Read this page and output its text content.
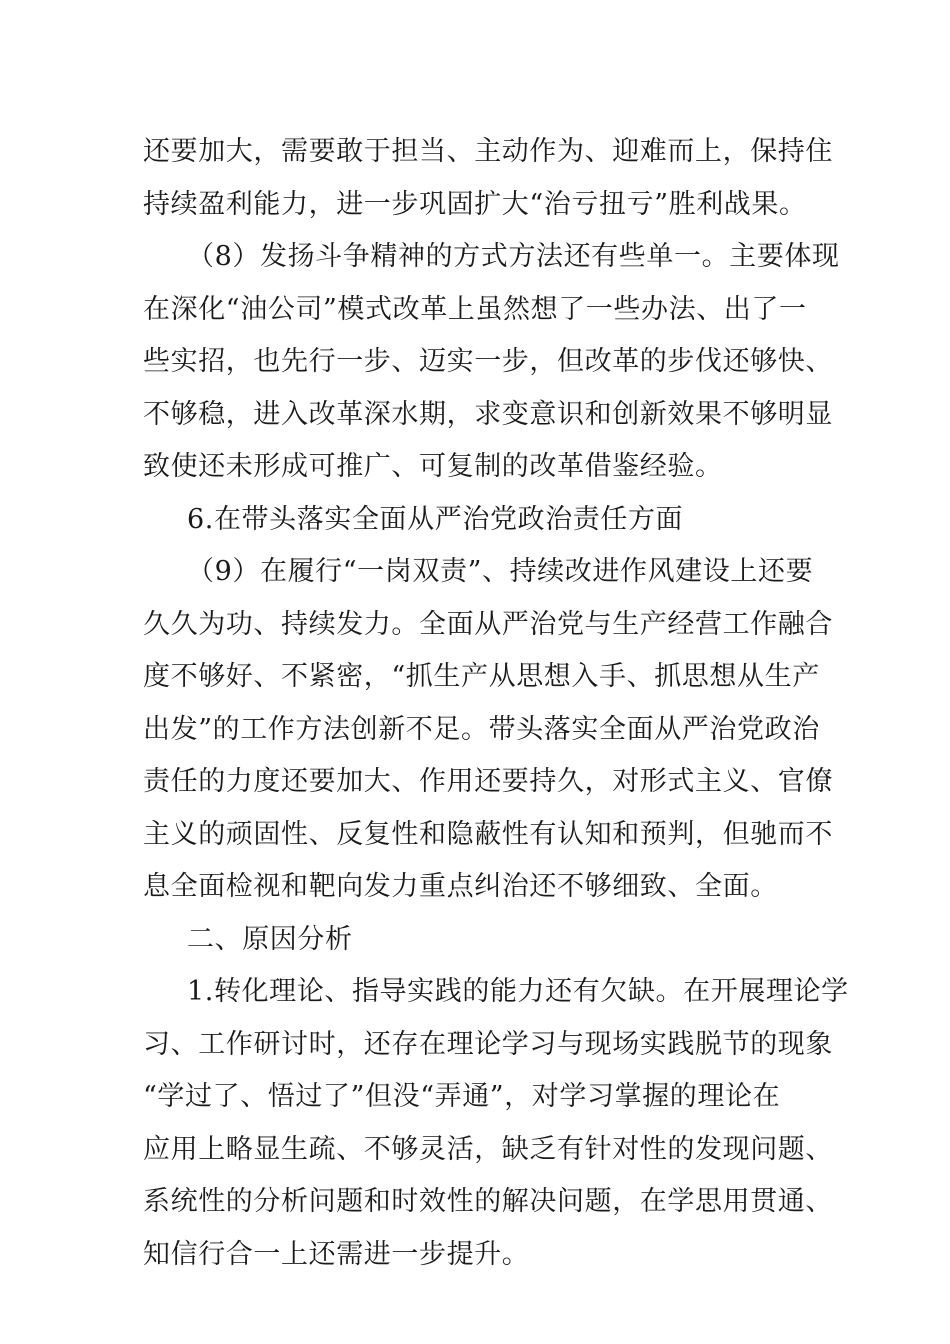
还要加大，需要敢于担当、主动作为、迎难而上，保持住
持续盈利能力，进一步巩固扩大“治亏扭亏”胜利战果。
（8）发扬斗争精神的方式方法还有些单一。主要体现
在深化“油公司”模式改革上虽然想了一些办法、出了一
些实招，也先行一步、迈实一步，但改革的步伐还够快、
不够稳，进入改革深水期，求变意识和创新效果不够明显
致使还未形成可推广、可复制的改革借鉴经验。
6.在带头落实全面从严治党政治责任方面
（9）在履行“一岗双责”、持续改进作风建设上还要
久久为功、持续发力。全面从严治党与生产经营工作融合
度不够好、不紧密，“抓生产从思想入手、抓思想从生产
出发”的工作方法创新不足。带头落实全面从严治党政治
责任的力度还要加大、作用还要持久，对形式主义、官僚
主义的顽固性、反复性和隐蔽性有认知和预判，但驰而不
息全面检视和靶向发力重点纠治还不够细致、全面。
二、原因分析
1.转化理论、指导实践的能力还有欠缺。在开展理论学
习、工作研讨时，还存在理论学习与现场实践脱节的现象
“学过了、悟过了”但没“弄通”，对学习掌握的理论在
应用上略显生疏、不够灵活，缺乏有针对性的发现问题、
系统性的分析问题和时效性的解决问题，在学思用贯通、
知信行合一上还需进一步提升。
